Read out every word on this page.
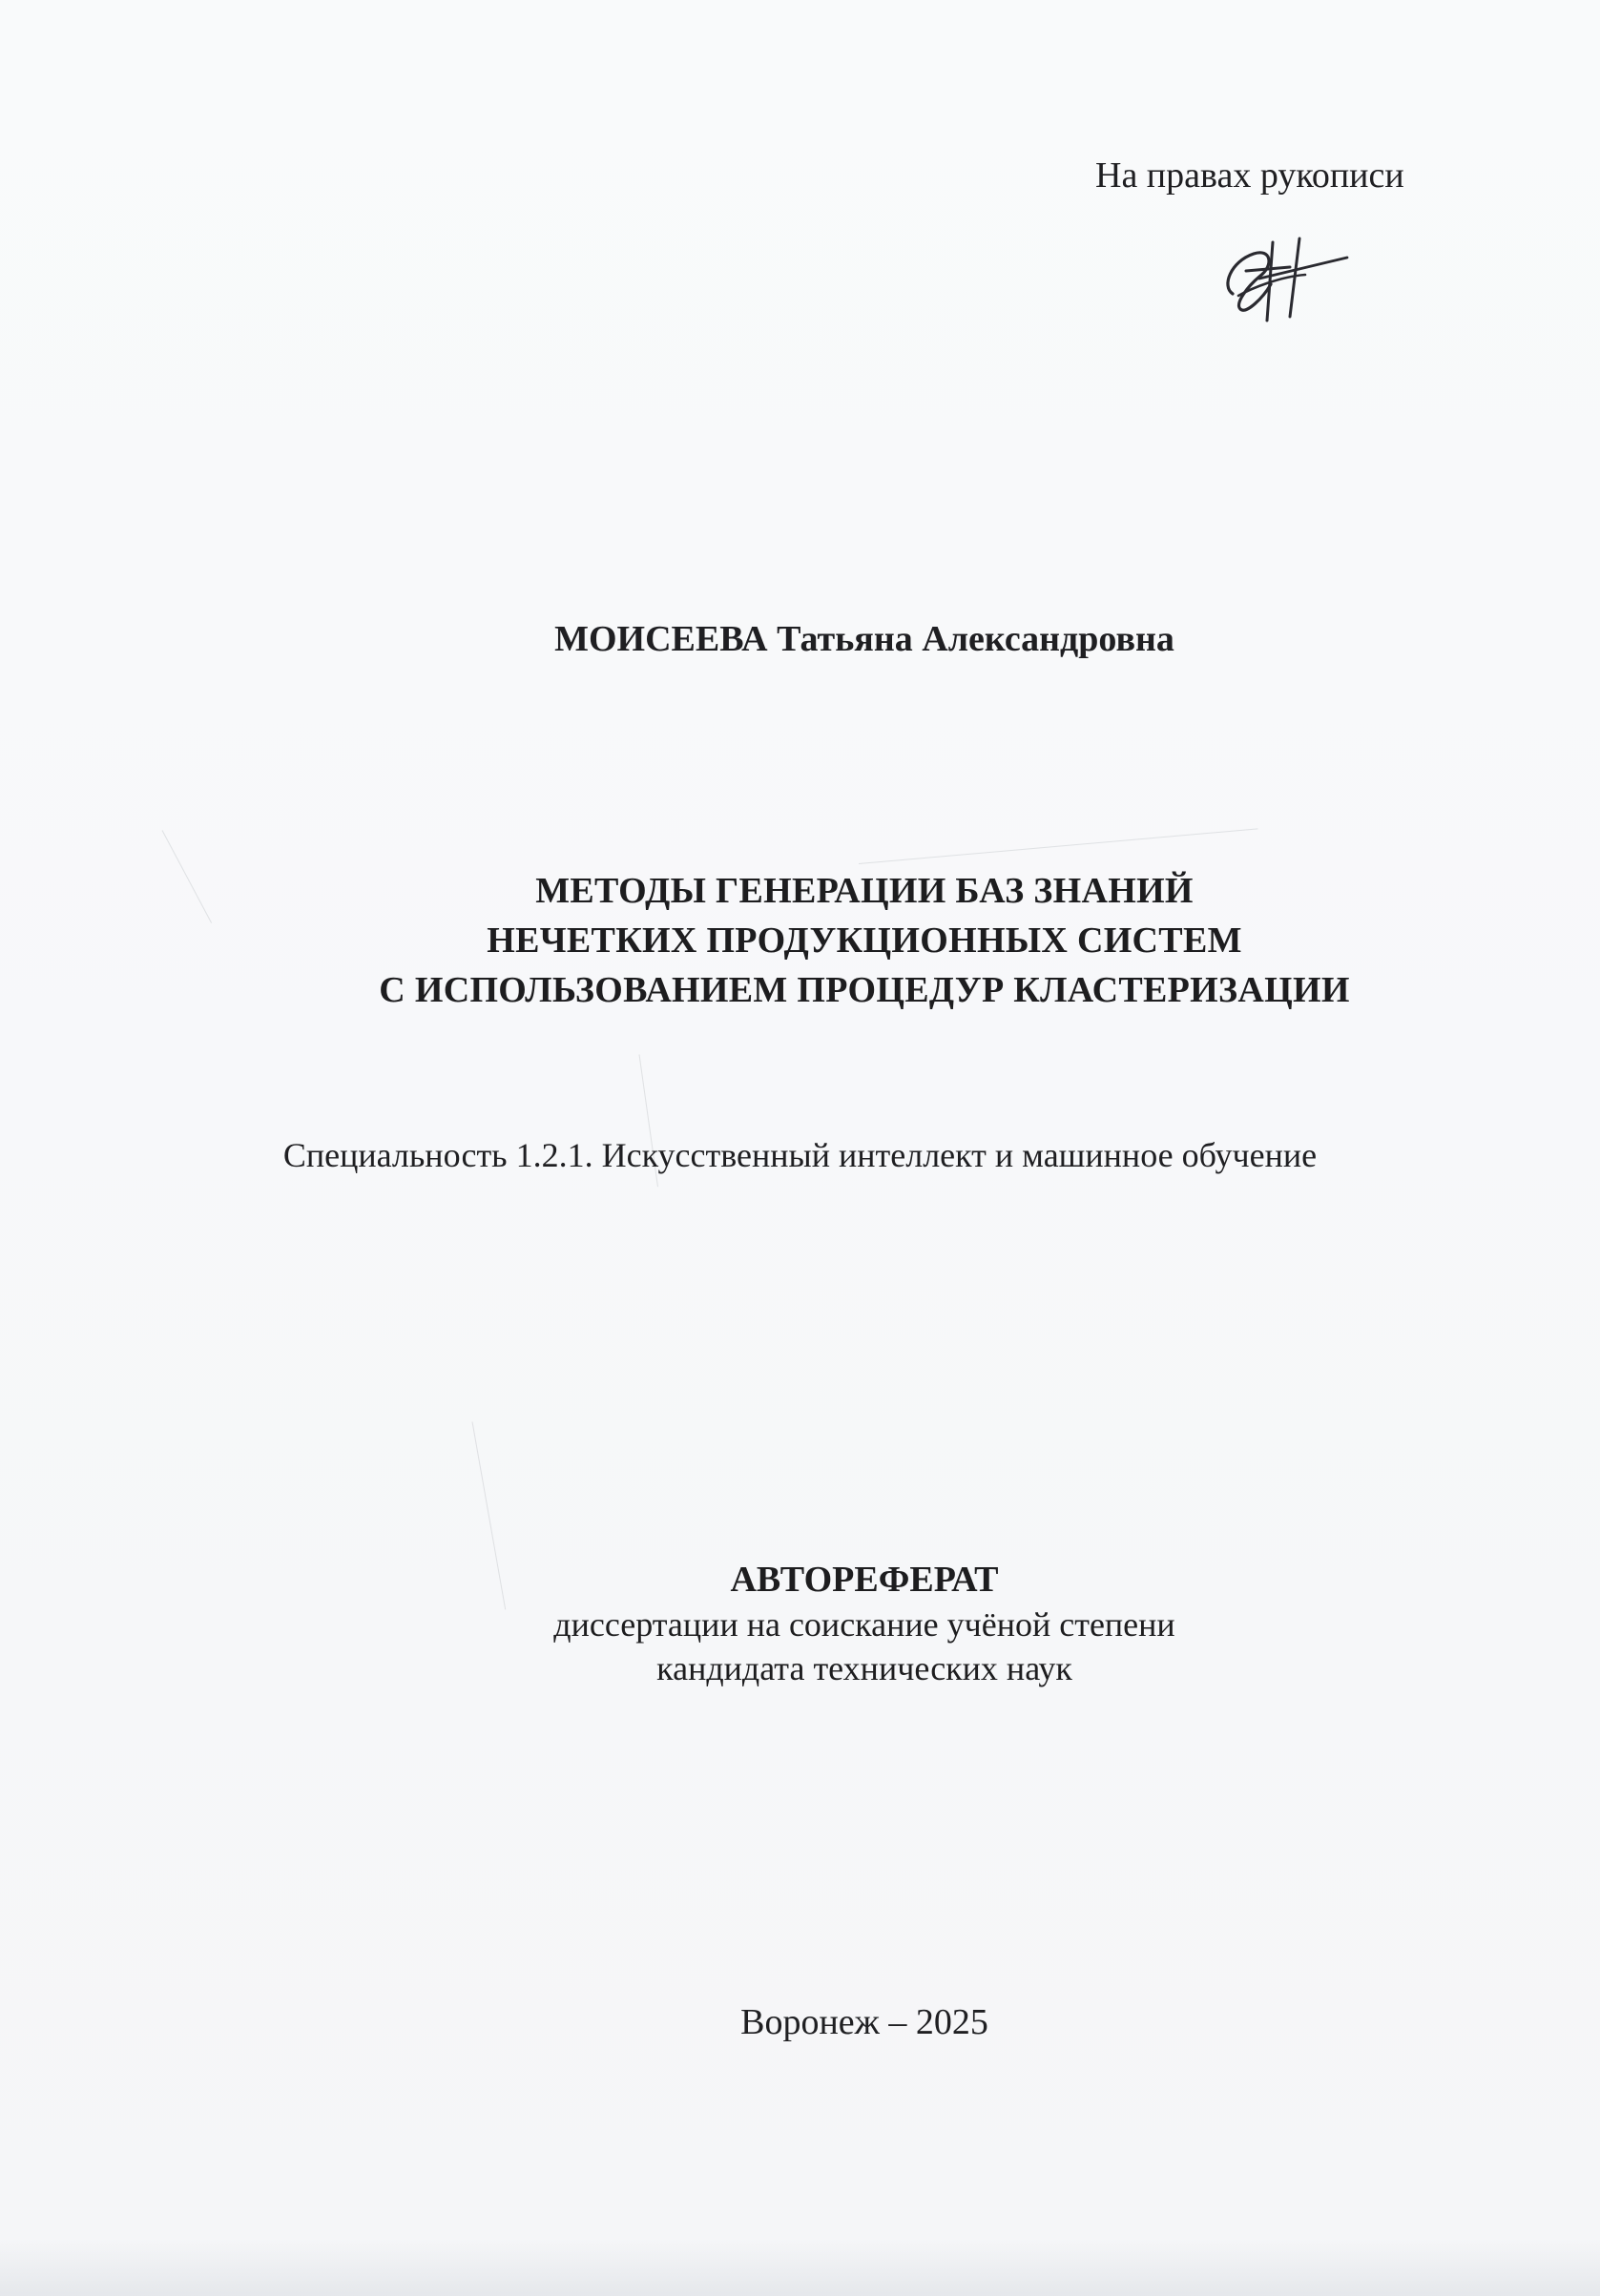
На правах рукописи
МОИСЕЕВА Татьяна Александровна
МЕТОДЫ ГЕНЕРАЦИИ БАЗ ЗНАНИЙ
НЕЧЕТКИХ ПРОДУКЦИОННЫХ СИСТЕМ
С ИСПОЛЬЗОВАНИЕМ ПРОЦЕДУР КЛАСТЕРИЗАЦИИ
Специальность 1.2.1. Искусственный интеллект и машинное обучение
АВТОРЕФЕРАТ
диссертации на соискание учёной степени
кандидата технических наук
Воронеж – 2025
